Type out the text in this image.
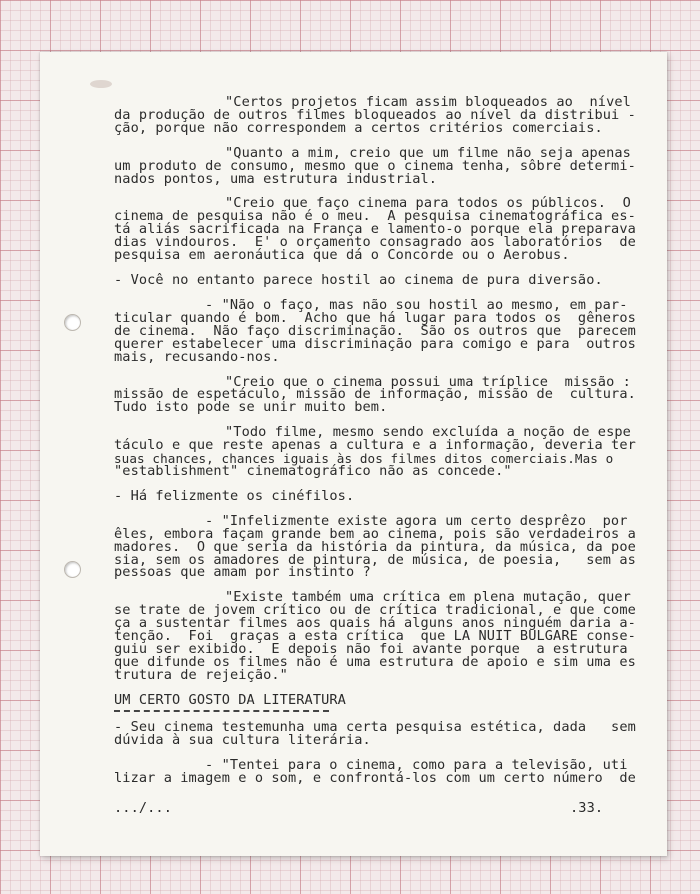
"Certos projetos ficam assim bloqueados ao  nível

da produção de outros filmes bloqueados ao nível da distribui -

ção, porque não correspondem a certos critérios comerciais.

"Quanto a mim, creio que um filme não seja apenas

um produto de consumo, mesmo que o cinema tenha, sôbre determi-

nados pontos, uma estrutura industrial.

"Creio que faço cinema para todos os públicos.  O

cinema de pesquisa não é o meu.  A pesquisa cinematográfica es-

tá aliás sacrificada na França e lamento-o porque ela preparava

dias vindouros.  E' o orçamento consagrado aos laboratórios  de

pesquisa em aeronáutica que dá o Concorde ou o Aerobus.

- Você no entanto parece hostil ao cinema de pura diversão.

- "Não o faço, mas não sou hostil ao mesmo, em par-

ticular quando é bom.  Acho que há lugar para todos os  gêneros

de cinema.  Não faço discriminação.  São os outros que  parecem

querer estabelecer uma discriminação para comigo e para  outros

mais, recusando-nos.

"Creio que o cinema possui uma tríplice  missão :

missão de espetáculo, missão de informação, missão de  cultura.

Tudo isto pode se unir muito bem.

"Todo filme, mesmo sendo excluída a noção de espe

táculo e que reste apenas a cultura e a informação, deveria ter

suas chances, chances iguais às dos filmes ditos comerciais.Mas o

"establishment" cinematográfico não as concede."

- Há felizmente os cinéfilos.

- "Infelizmente existe agora um certo desprêzo  por

êles, embora façam grande bem ao cinema, pois são verdadeiros a

madores.  O que seria da história da pintura, da música, da poe

sia, sem os amadores de pintura, de música, de poesia,   sem as

pessoas que amam por instinto ?

"Existe também uma crítica em plena mutação, quer

se trate de jovem crítico ou de crítica tradicional, e que come

ça a sustentar filmes aos quais há alguns anos ninguém daria a-

tenção.  Foi  graças a esta crítica  que LA NUIT BULGARE conse-

guiu ser exibido.  E depois não foi avante porque  a estrutura

que difunde os filmes não é uma estrutura de apoio e sim uma es

trutura de rejeição."

UM CERTO GOSTO DA LITERATURA

- Seu cinema testemunha uma certa pesquisa estética, dada   sem

dúvida à sua cultura literária.

- "Tentei para o cinema, como para a televisão, uti

lizar a imagem e o som, e confrontá-los com um certo número  de

.../...	.33.
